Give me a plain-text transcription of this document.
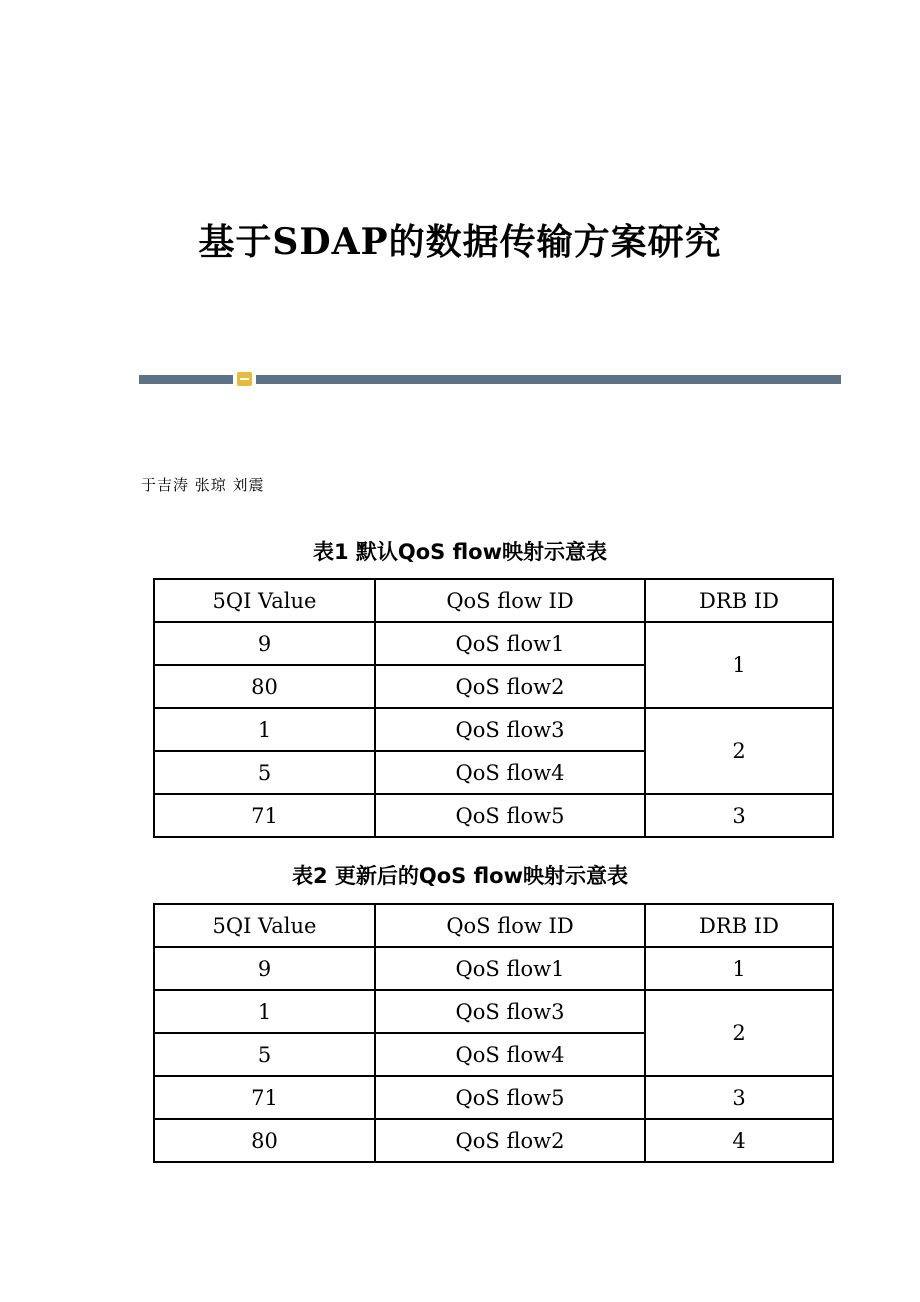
基于SDAP的数据传输方案研究
于吉涛 张琼 刘震
表1 默认QoS flow映射示意表
5QI Value	QoS flow ID	DRB ID
9	QoS flow1	1
80	QoS flow2	
1	QoS flow3	2
5	QoS flow4	
71	QoS flow5	3
表2 更新后的QoS flow映射示意表
5QI Value	QoS flow ID	DRB ID
9	QoS flow1	1
1	QoS flow3	2
5	QoS flow4	
71	QoS flow5	3
80	QoS flow2	4
